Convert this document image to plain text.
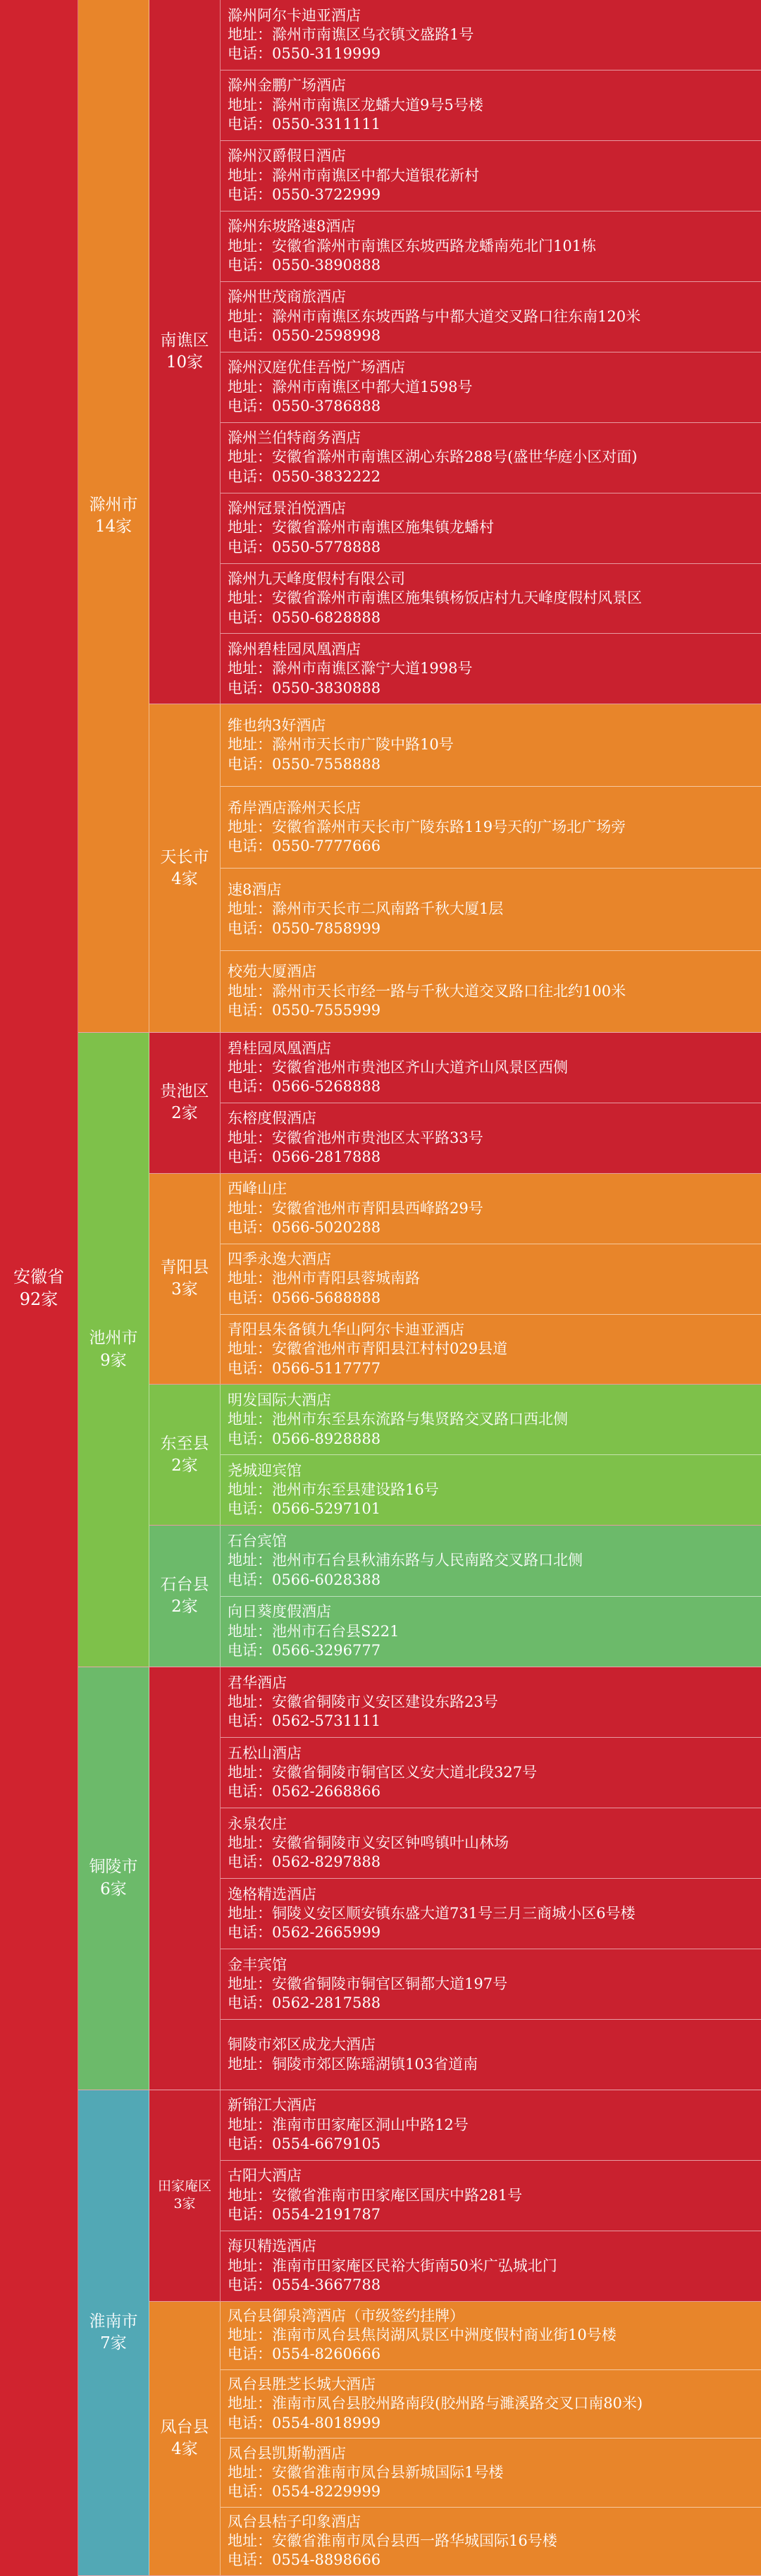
安徽省
92家
滁州市
14家
南谯区
10家
滁州阿尔卡迪亚酒店
地址：滁州市南谯区乌衣镇文盛路1号
电话：0550-3119999
滁州金鹏广场酒店
地址：滁州市南谯区龙蟠大道9号5号楼
电话：0550-3311111
滁州汉爵假日酒店
地址：滁州市南谯区中都大道银花新村
电话：0550-3722999
滁州东坡路速8酒店
地址：安徽省滁州市南谯区东坡西路龙蟠南苑北门101栋
电话：0550-3890888
滁州世茂商旅酒店
地址：滁州市南谯区东坡西路与中都大道交叉路口往东南120米
电话：0550-2598998
滁州汉庭优佳吾悦广场酒店
地址：滁州市南谯区中都大道1598号
电话：0550-3786888
滁州兰伯特商务酒店
地址：安徽省滁州市南谯区湖心东路288号(盛世华庭小区对面)
电话：0550-3832222
滁州冠景泊悦酒店
地址：安徽省滁州市南谯区施集镇龙蟠村
电话：0550-5778888
滁州九天峰度假村有限公司
地址：安徽省滁州市南谯区施集镇杨饭店村九天峰度假村风景区
电话：0550-6828888
滁州碧桂园凤凰酒店
地址：滁州市南谯区滁宁大道1998号
电话：0550-3830888
天长市
4家
维也纳3好酒店
地址：滁州市天长市广陵中路10号
电话：0550-7558888
希岸酒店滁州天长店
地址：安徽省滁州市天长市广陵东路119号天的广场北广场旁
电话：0550-7777666
速8酒店
地址：滁州市天长市二风南路千秋大厦1层
电话：0550-7858999
校苑大厦酒店
地址：滁州市天长市经一路与千秋大道交叉路口往北约100米
电话：0550-7555999
池州市
9家
贵池区
2家
碧桂园凤凰酒店
地址：安徽省池州市贵池区齐山大道齐山风景区西侧
电话：0566-5268888
东榕度假酒店
地址：安徽省池州市贵池区太平路33号
电话：0566-2817888
青阳县
3家
西峰山庄
地址：安徽省池州市青阳县西峰路29号
电话：0566-5020288
四季永逸大酒店
地址：池州市青阳县蓉城南路
电话：0566-5688888
青阳县朱备镇九华山阿尔卡迪亚酒店
地址：安徽省池州市青阳县江村村029县道
电话：0566-5117777
东至县
2家
明发国际大酒店
地址：池州市东至县东流路与集贤路交叉路口西北侧
电话：0566-8928888
尧城迎宾馆
地址：池州市东至县建设路16号
电话：0566-5297101
石台县
2家
石台宾馆
地址：池州市石台县秋浦东路与人民南路交叉路口北侧
电话：0566-6028388
向日葵度假酒店
地址：池州市石台县S221
电话：0566-3296777
铜陵市
6家
君华酒店
地址：安徽省铜陵市义安区建设东路23号
电话：0562-5731111
五松山酒店
地址：安徽省铜陵市铜官区义安大道北段327号
电话：0562-2668866
永泉农庄
地址：安徽省铜陵市义安区钟鸣镇叶山林场
电话：0562-8297888
逸格精选酒店
地址：铜陵义安区顺安镇东盛大道731号三月三商城小区6号楼
电话：0562-2665999
金丰宾馆
地址：安徽省铜陵市铜官区铜都大道197号
电话：0562-2817588
铜陵市郊区成龙大酒店
地址：铜陵市郊区陈瑶湖镇103省道南
淮南市
7家
田家庵区
3家
新锦江大酒店
地址：淮南市田家庵区洞山中路12号
电话：0554-6679105
古阳大酒店
地址：安徽省淮南市田家庵区国庆中路281号
电话：0554-2191787
海贝精选酒店
地址：淮南市田家庵区民裕大街南50米广弘城北门
电话：0554-3667788
凤台县
4家
凤台县御泉湾酒店（市级签约挂牌）
地址：淮南市凤台县焦岗湖风景区中洲度假村商业街10号楼
电话：0554-8260666
凤台县胜芝长城大酒店
地址：淮南市凤台县胶州路南段(胶州路与濉溪路交叉口南80米)
电话：0554-8018999
凤台县凯斯勒酒店
地址：安徽省淮南市凤台县新城国际1号楼
电话：0554-8229999
凤台县桔子印象酒店
地址：安徽省淮南市凤台县西一路华城国际16号楼
电话：0554-8898666
